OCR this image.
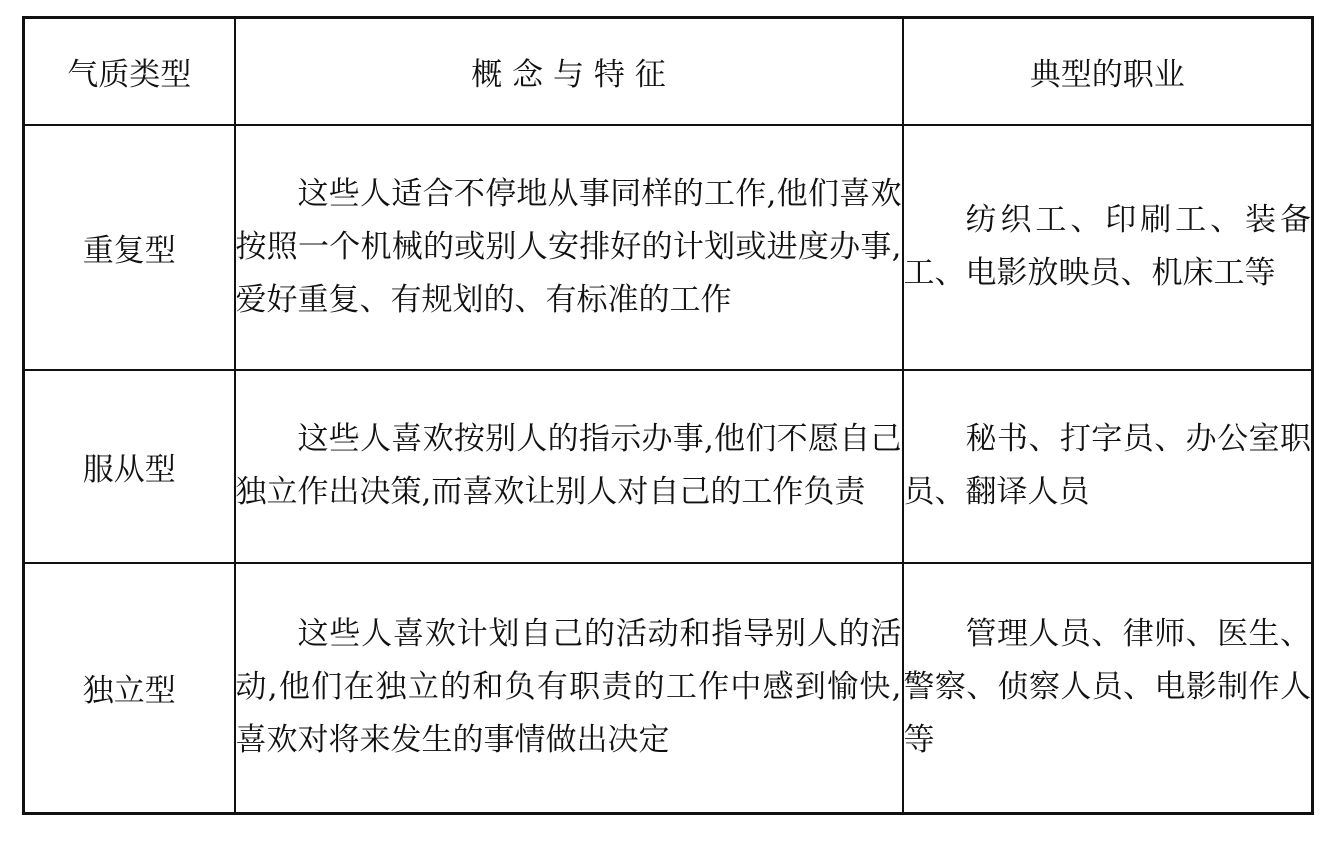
气质类型	概 念 与 特 征	典型的职业
重复型	这些人适合不停地从事同样的工作,他们喜欢按照一个机械的或别人安排好的计划或进度办事,爱好重复、有规划的、有标准的工作	纺织工、印刷工、装备工、电影放映员、机床工等

服从型	这些人喜欢按别人的指示办事,他们不愿自己独立作出决策,而喜欢让别人对自己的工作负责	秘书、打字员、办公室职员、翻译人员

独立型	这些人喜欢计划自己的活动和指导别人的活动,他们在独立的和负有职责的工作中感到愉快,喜欢对将来发生的事情做出决定	管理人员、律师、医生、警察、侦察人员、电影制作人等
